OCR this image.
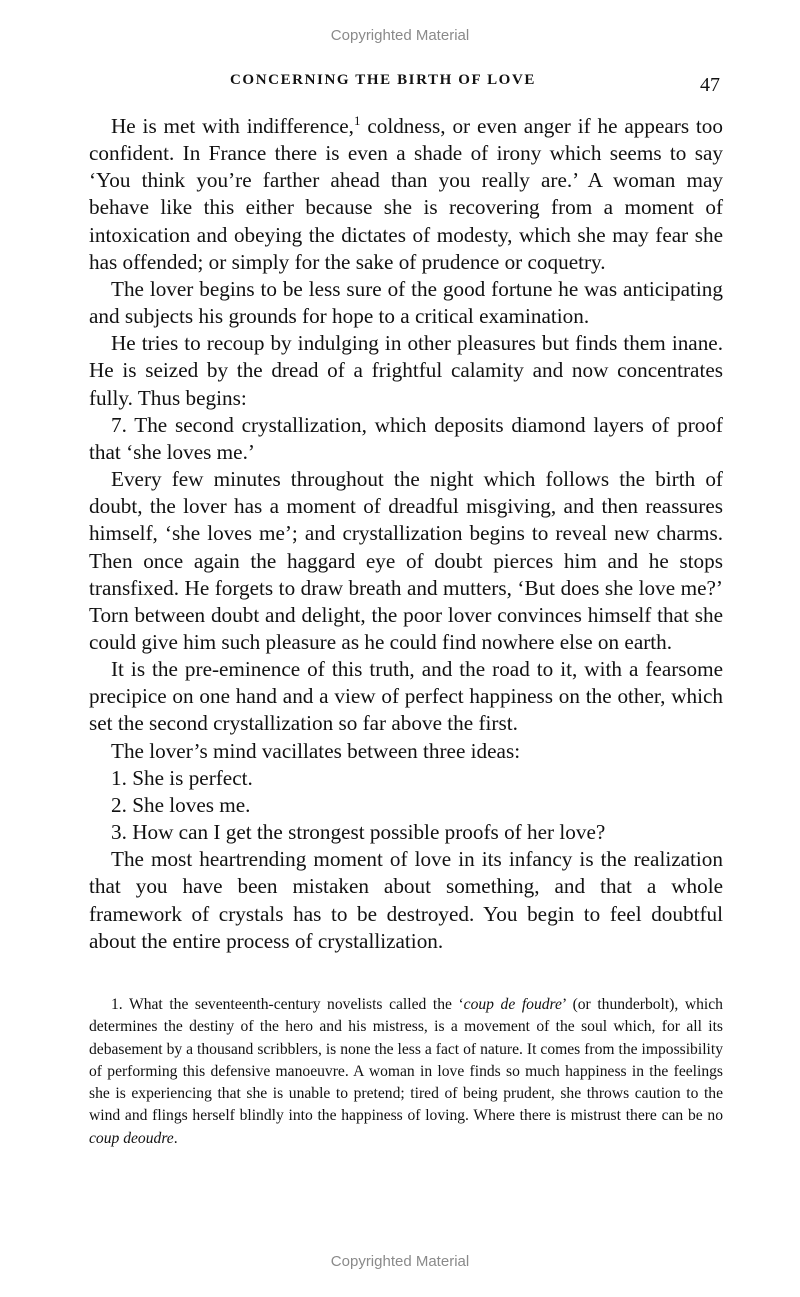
Copyrighted Material
CONCERNING THE BIRTH OF LOVE	47

He is met with indifference,$^1$ coldness, or even anger if he appears too confident. In France there is even a shade of irony which seems to say ‘You think you’re farther ahead than you really are.’ A woman may behave like this either because she is recovering from a moment of intoxication and obeying the dictates of modesty, which she may fear she has offended; or simply for the sake of prudence or coquetry.

The lover begins to be less sure of the good fortune he was anticipating and subjects his grounds for hope to a critical examination.

He tries to recoup by indulging in other pleasures but finds them inane. He is seized by the dread of a frightful calamity and now concentrates fully. Thus begins:

7. The second crystallization, which deposits diamond layers of proof that ‘she loves me.’

Every few minutes throughout the night which follows the birth of doubt, the lover has a moment of dreadful misgiving, and then reassures himself, ‘she loves me’; and crystallization begins to reveal new charms. Then once again the haggard eye of doubt pierces him and he stops transfixed. He forgets to draw breath and mutters, ‘But does she love me?’ Torn between doubt and delight, the poor lover convinces himself that she could give him such pleasure as he could find nowhere else on earth.

It is the pre-eminence of this truth, and the road to it, with a fearsome precipice on one hand and a view of perfect happiness on the other, which set the second crystallization so far above the first.

The lover’s mind vacillates between three ideas:

1. She is perfect.

2. She loves me.

3. How can I get the strongest possible proofs of her love?

The most heartrending moment of love in its infancy is the realization that you have been mistaken about something, and that a whole framework of crystals has to be destroyed. You begin to feel doubtful about the entire process of crystallization.

1. What the seventeenth-century novelists called the ‘coup de foudre’ (or thunderbolt), which determines the destiny of the hero and his mistress, is a movement of the soul which, for all its debasement by a thousand scribblers, is none the less a fact of nature. It comes from the impossibility of performing this defensive manoeuvre. A woman in love finds so much happiness in the feelings she is experiencing that she is unable to pretend; tired of being prudent, she throws caution to the wind and flings herself blindly into the happiness of loving. Where there is mistrust there can be no coup deoudre.

Copyrighted Material
